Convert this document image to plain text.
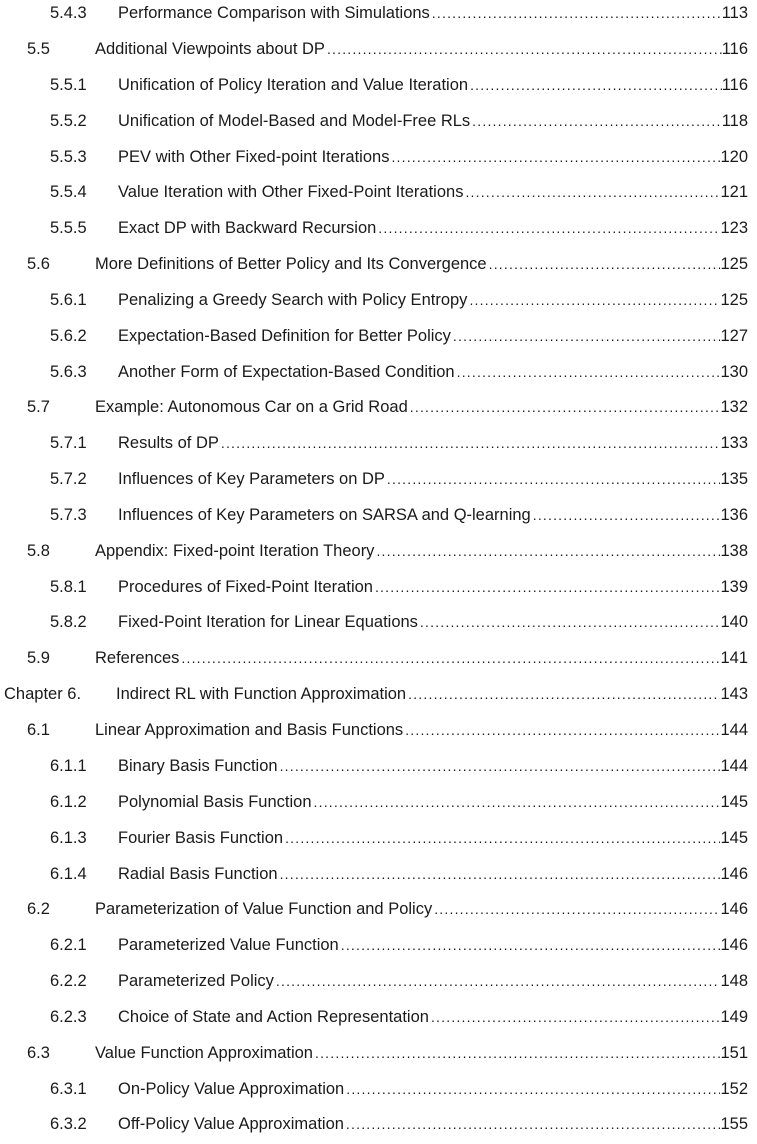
5.4.3	Performance Comparison with Simulations .....	113
5.5	Additional Viewpoints about DP .....	116
5.5.1	Unification of Policy Iteration and Value Iteration .....	116
5.5.2	Unification of Model-Based and Model-Free RLs .....	118
5.5.3	PEV with Other Fixed-point Iterations .....	120
5.5.4	Value Iteration with Other Fixed-Point Iterations .....	121
5.5.5	Exact DP with Backward Recursion .....	123
5.6	More Definitions of Better Policy and Its Convergence .....	125
5.6.1	Penalizing a Greedy Search with Policy Entropy .....	125
5.6.2	Expectation-Based Definition for Better Policy .....	127
5.6.3	Another Form of Expectation-Based Condition .....	130
5.7	Example: Autonomous Car on a Grid Road .....	132
5.7.1	Results of DP .....	133
5.7.2	Influences of Key Parameters on DP .....	135
5.7.3	Influences of Key Parameters on SARSA and Q-learning .....	136
5.8	Appendix: Fixed-point Iteration Theory .....	138
5.8.1	Procedures of Fixed-Point Iteration .....	139
5.8.2	Fixed-Point Iteration for Linear Equations .....	140
5.9	References .....	141
Chapter 6.	Indirect RL with Function Approximation .....	143
6.1	Linear Approximation and Basis Functions .....	144
6.1.1	Binary Basis Function .....	144
6.1.2	Polynomial Basis Function .....	145
6.1.3	Fourier Basis Function .....	145
6.1.4	Radial Basis Function .....	146
6.2	Parameterization of Value Function and Policy .....	146
6.2.1	Parameterized Value Function .....	146
6.2.2	Parameterized Policy .....	148
6.2.3	Choice of State and Action Representation .....	149
6.3	Value Function Approximation .....	151
6.3.1	On-Policy Value Approximation .....	152
6.3.2	Off-Policy Value Approximation .....	155
